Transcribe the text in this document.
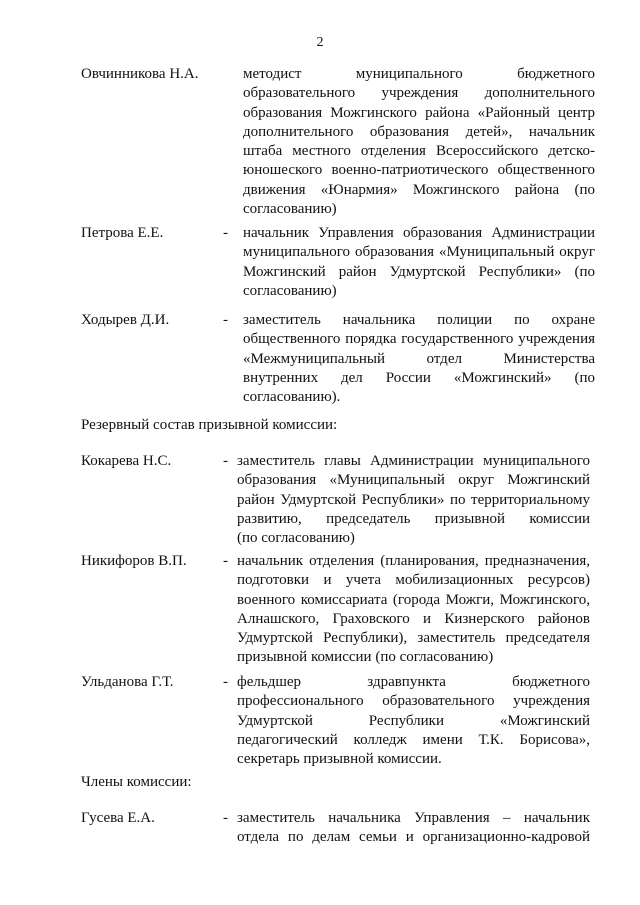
2
Овчинникова Н.А.	методист муниципального бюджетного
образовательного учреждения дополнительного
образования Можгинского района «Районный центр
дополнительного образования детей», начальник
штаба местного отделения Всероссийского детско-
юношеского военно-патриотического общественного
движения «Юнармия» Можгинского района (по
согласованию)
Петрова Е.Е.	- начальник Управления образования Администрации
муниципального образования «Муниципальный округ
Можгинский район Удмуртской Республики» (по
согласованию)
Ходырев Д.И.	- заместитель начальника полиции по охране
общественного порядка государственного учреждения
«Межмуниципальный отдел Министерства
внутренних дел России «Можгинский» (по
согласованию).
Резервный состав призывной комиссии:
Кокарева Н.С.	- заместитель главы Администрации муниципального
образования «Муниципальный округ Можгинский
район Удмуртской Республики» по территориальному
развитию, председатель призывной комиссии
(по согласованию)
Никифоров В.П. - начальник отделения (планирования, предназначения,
подготовки и учета мобилизационных ресурсов)
военного комиссариата (города Можги, Можгинского,
Алнашского, Граховского и Кизнерского районов
Удмуртской Республики), заместитель председателя
призывной комиссии (по согласованию)
Ульданова Г.Т.	- фельдшер здравпункта бюджетного
профессионального образовательного учреждения
Удмуртской Республики «Можгинский
педагогический колледж имени Т.К. Борисова»,
секретарь призывной комиссии.
Члены комиссии:
Гусева Е.А.	- заместитель начальника Управления – начальник
отдела по делам семьи и организационно-кадровой
